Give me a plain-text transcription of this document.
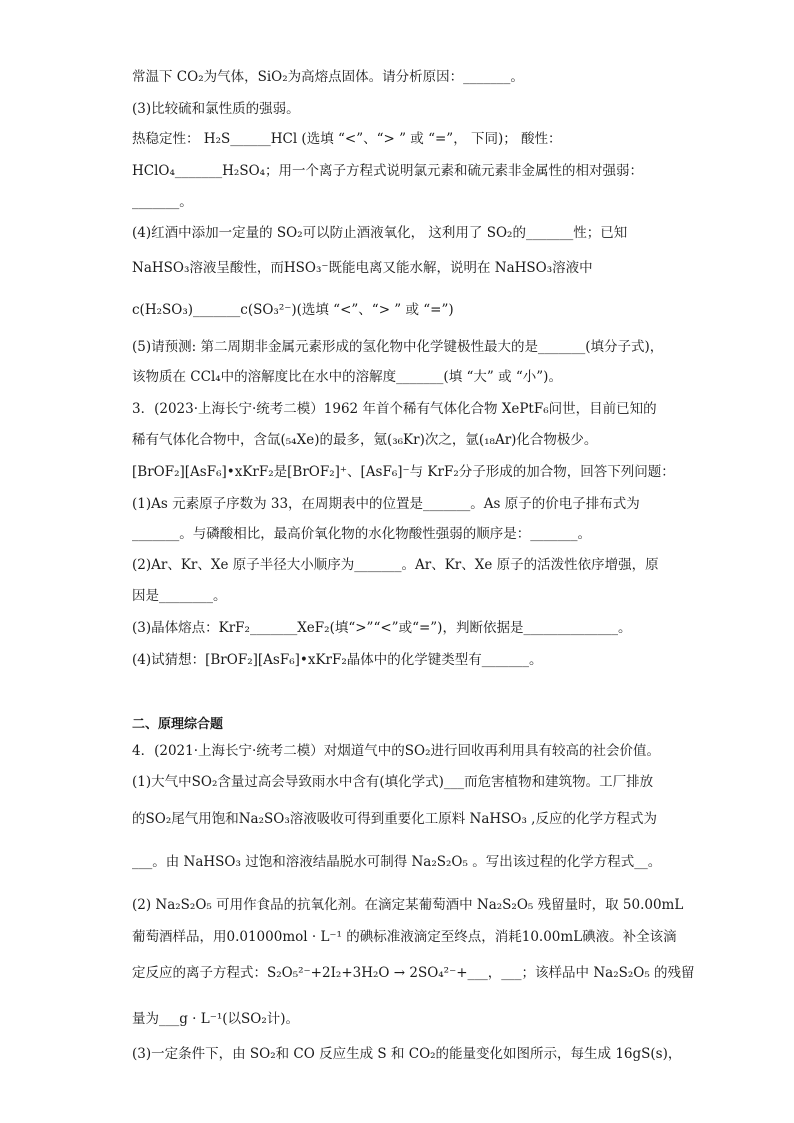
常温下 CO₂为气体，SiO₂为高熔点固体。请分析原因：_______。
(3)比较硫和氯性质的强弱。
热稳定性： H₂S______HCl (选填 “<”、“> ” 或 “=”， 下同)； 酸性：
HClO₄_______H₂SO₄；用一个离子方程式说明氯元素和硫元素非金属性的相对强弱：
_______。
(4)红酒中添加一定量的 SO₂可以防止酒液氧化， 这利用了 SO₂的_______性；已知
NaHSO₃溶液呈酸性，而HSO₃⁻既能电离又能水解，说明在 NaHSO₃溶液中
c(H₂SO₃)_______c(SO₃²⁻)(选填 “<”、“> ” 或 “=”)
(5)请预测: 第二周期非金属元素形成的氢化物中化学键极性最大的是_______(填分子式)，
该物质在 CCl₄中的溶解度比在水中的溶解度_______(填 “大” 或 “小”)。
3．(2023·上海长宁·统考二模）1962 年首个稀有气体化合物 XePtF₆问世，目前已知的
稀有气体化合物中，含氙(₅₄Xe)的最多，氪(₃₆Kr)次之，氩(₁₈Ar)化合物极少。
[BrOF₂][AsF₆]•xKrF₂是[BrOF₂]⁺、[AsF₆]⁻与 KrF₂分子形成的加合物，回答下列问题：
(1)As 元素原子序数为 33，在周期表中的位置是_______。As 原子的价电子排布式为
_______。与磷酸相比，最高价氧化物的水化物酸性强弱的顺序是：_______。
(2)Ar、Kr、Xe 原子半径大小顺序为_______。Ar、Kr、Xe 原子的活泼性依序增强，原
因是________。
(3)晶体熔点：KrF₂_______XeF₂(填“>”“<”或“=”)，判断依据是______________。
(4)试猜想：[BrOF₂][AsF₆]•xKrF₂晶体中的化学键类型有_______。
二、原理综合题
4．(2021·上海长宁·统考二模）对烟道气中的SO₂进行回收再利用具有较高的社会价值。
(1)大气中SO₂含量过高会导致雨水中含有(填化学式)___而危害植物和建筑物。工厂排放
的SO₂尾气用饱和Na₂SO₃溶液吸收可得到重要化工原料 NaHSO₃ ,反应的化学方程式为
___。由 NaHSO₃ 过饱和溶液结晶脱水可制得 Na₂S₂O₅ 。写出该过程的化学方程式__。
(2) Na₂S₂O₅ 可用作食品的抗氧化剂。在滴定某葡萄酒中 Na₂S₂O₅ 残留量时，取 50.00mL
葡萄酒样品，用0.01000mol · L⁻¹ 的碘标准液滴定至终点，消耗10.00mL碘液。补全该滴
定反应的离子方程式：S₂O₅²⁻+2I₂+3H₂O → 2SO₄²⁻+___，___；该样品中 Na₂S₂O₅ 的残留
量为___g · L⁻¹(以SO₂计)。
(3)一定条件下，由 SO₂和 CO 反应生成 S 和 CO₂的能量变化如图所示，每生成 16gS(s)，
